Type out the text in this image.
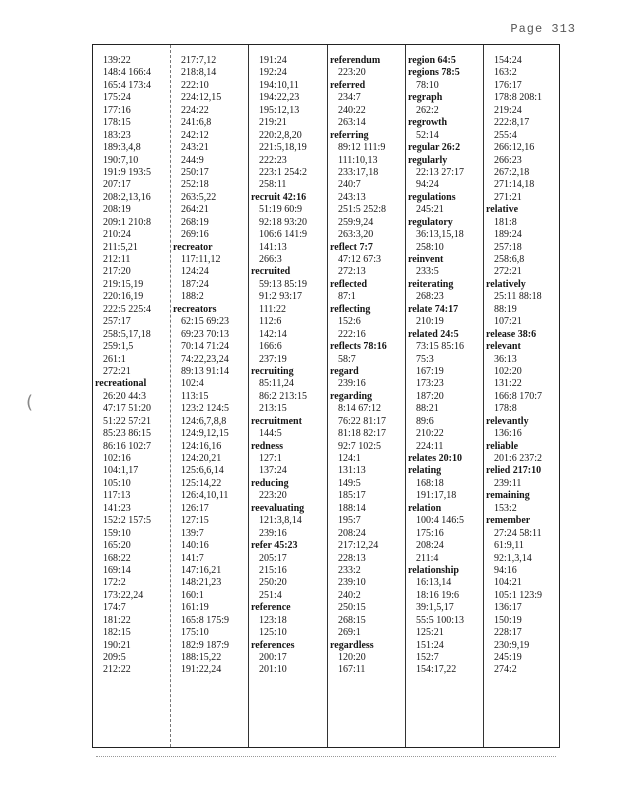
Page 313
(
139:22
148:4 166:4
165:4 173:4
175:24
177:16
178:15
183:23
189:3,4,8
190:7,10
191:9 193:5
207:17
208:2,13,16
208:19
209:1 210:8
210:24
211:5,21
212:11
217:20
219:15,19
220:16,19
222:5 225:4
257:17
258:5,17,18
259:1,5
261:1
272:21
recreational
26:20 44:3
47:17 51:20
51:22 57:21
85:23 86:15
86:16 102:7
102:16
104:1,17
105:10
117:13
141:23
152:2 157:5
159:10
165:20
168:22
169:14
172:2
173:22,24
174:7
181:22
182:15
190:21
209:5
212:22
217:7,12
218:8,14
222:10
224:12,15
224:22
241:6,8
242:12
243:21
244:9
250:17
252:18
263:5,22
264:21
268:19
269:16
recreator
117:11,12
124:24
187:24
188:2
recreators
62:15 69:23
69:23 70:13
70:14 71:24
74:22,23,24
89:13 91:14
102:4
113:15
123:2 124:5
124:6,7,8,8
124:9,12,15
124:16,16
124:20,21
125:6,6,14
125:14,22
126:4,10,11
126:17
127:15
139:7
140:16
141:7
147:16,21
148:21,23
160:1
161:19
165:8 175:9
175:10
182:9 187:9
188:15,22
191:22,24
191:24
192:24
194:10,11
194:22,23
195:12,13
219:21
220:2,8,20
221:5,18,19
222:23
223:1 254:2
258:11
recruit 42:16
51:19 60:9
92:18 93:20
106:6 141:9
141:13
266:3
recruited
59:13 85:19
91:2 93:17
111:22
112:6
142:14
166:6
237:19
recruiting
85:11,24
86:2 213:15
213:15
recruitment
144:5
redness
127:1
137:24
reducing
223:20
reevaluating
121:3,8,14
239:16
refer 45:23
205:17
215:16
250:20
251:4
reference
123:18
125:10
references
200:17
201:10
referendum
223:20
referred
234:7
240:22
263:14
referring
89:12 111:9
111:10,13
233:17,18
240:7
243:13
251:5 252:8
259:9,24
263:3,20
reflect 7:7
47:12 67:3
272:13
reflected
87:1
reflecting
152:6
222:16
reflects 78:16
58:7
regard
239:16
regarding
8:14 67:12
76:22 81:17
81:18 82:17
92:7 102:5
124:1
131:13
149:5
185:17
188:14
195:7
208:24
217:12,24
228:13
233:2
239:10
240:2
250:15
268:15
269:1
regardless
120:20
167:11
region 64:5
regions 78:5
78:10
regraph
262:2
regrowth
52:14
regular 26:2
regularly
22:13 27:17
94:24
regulations
245:21
regulatory
36:13,15,18
258:10
reinvent
233:5
reiterating
268:23
relate 74:17
210:19
related 24:5
73:15 85:16
75:3
167:19
173:23
187:20
88:21
89:6
210:22
224:11
relates 20:10
relating
168:18
191:17,18
relation
100:4 146:5
175:16
208:24
211:4
relationship
16:13,14
18:16 19:6
39:1,5,17
55:5 100:13
125:21
151:24
152:7
154:17,22
154:24
163:2
176:17
178:8 208:1
219:24
222:8,17
255:4
266:12,16
266:23
267:2,18
271:14,18
271:21
relative
181:8
189:24
257:18
258:6,8
272:21
relatively
25:11 88:18
88:19
107:21
release 38:6
relevant
36:13
102:20
131:22
166:8 170:7
178:8
relevantly
136:16
reliable
201:6 237:2
relied 217:10
239:11
remaining
153:2
remember
27:24 58:11
61:9,11
92:1,3,14
94:16
104:21
105:1 123:9
136:17
150:19
228:17
230:9,19
245:19
274:2
